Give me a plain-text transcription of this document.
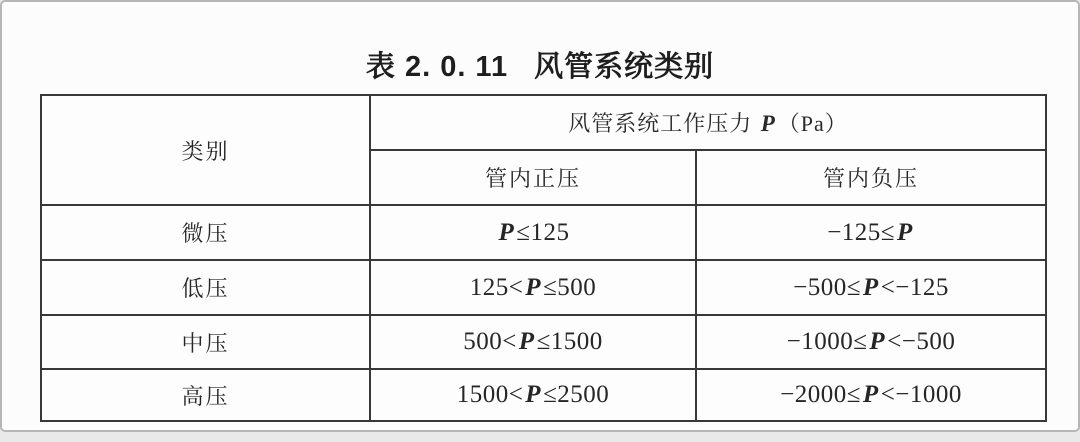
表 2. 0. 11 风管系统类别
类别	风管系统工作压力 P（Pa）	
	管内正压	管内负压
微压	P≤125	−125≤P
低压	125<P≤500	−500≤P<−125
中压	500<P≤1500	−1000≤P<−500
高压	1500<P≤2500	−2000≤P<−1000
